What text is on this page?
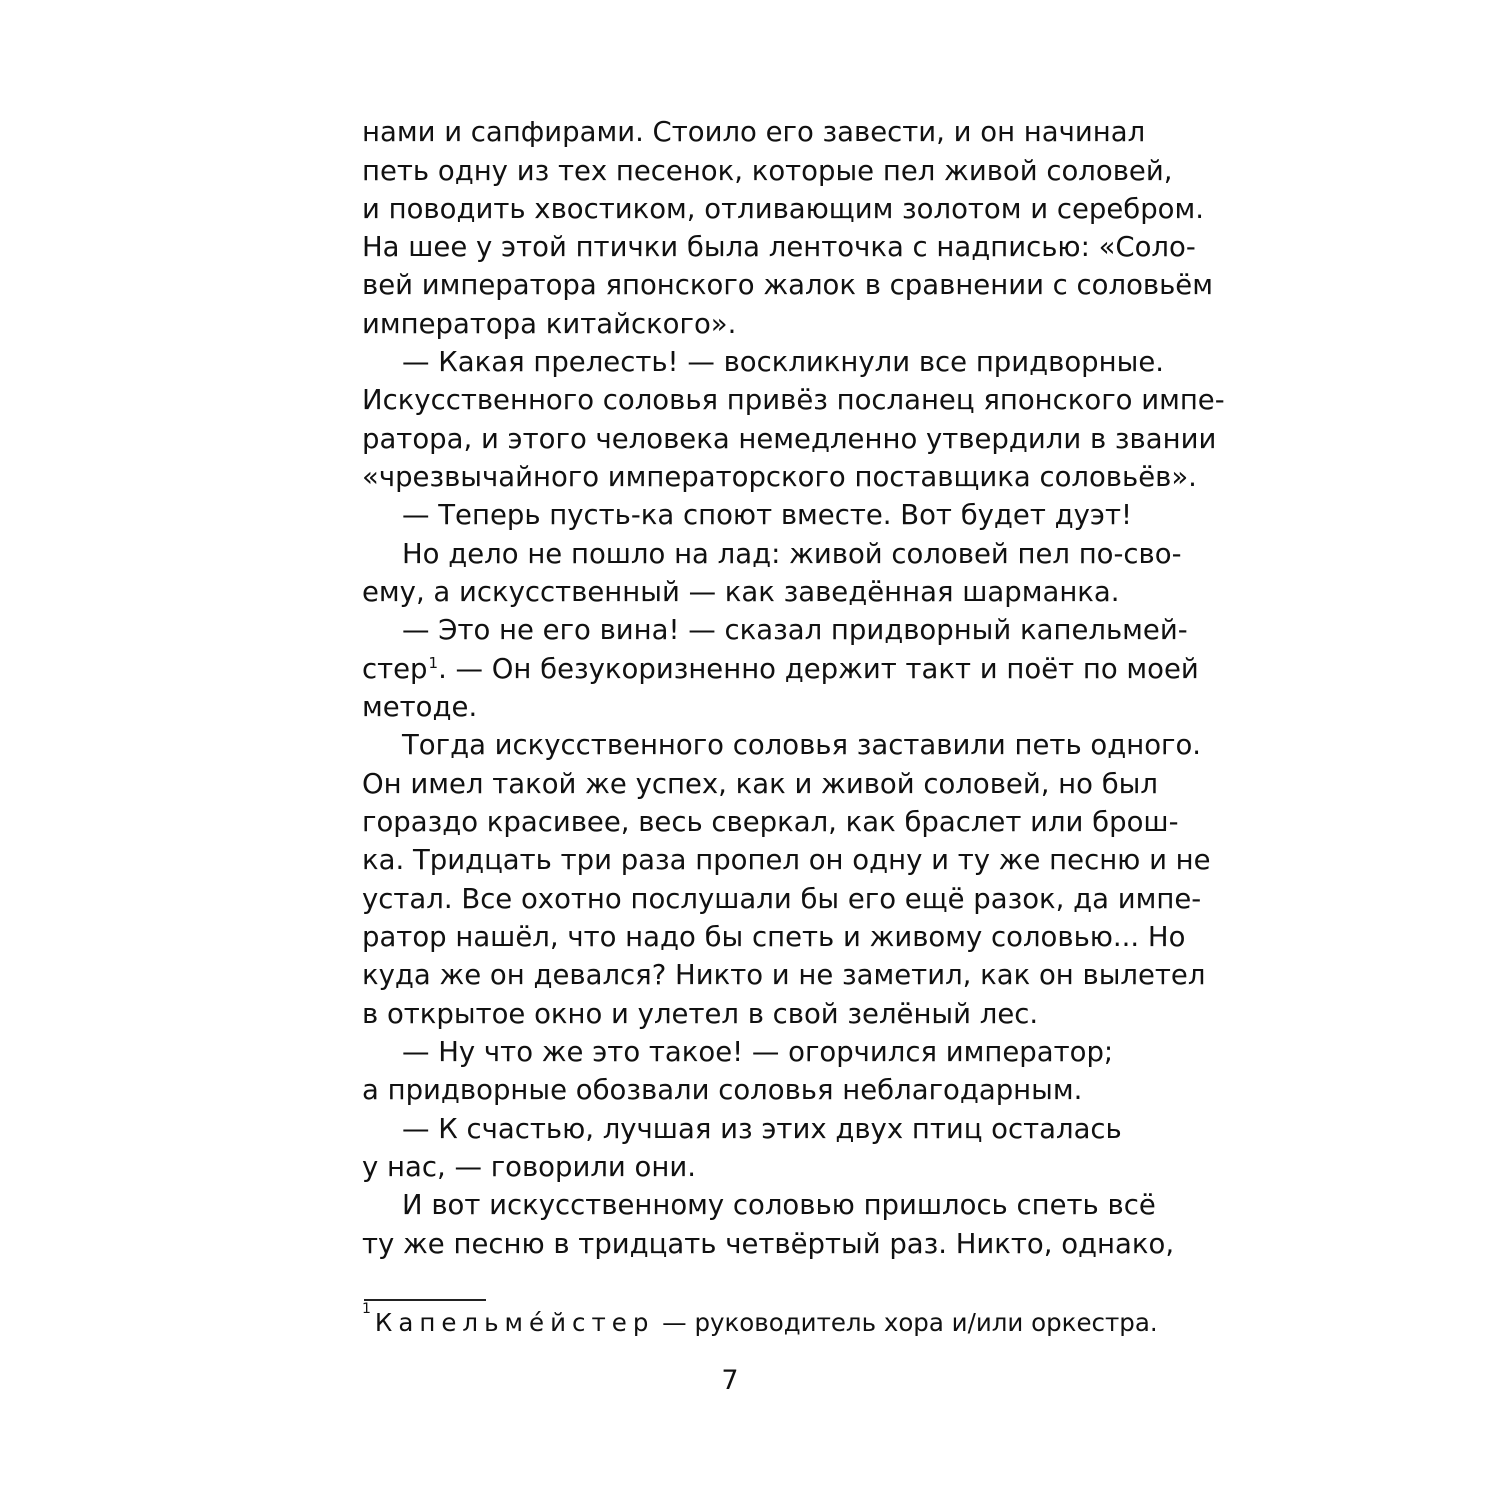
нами и сапфирами. Стоило его завести, и он начинал

петь одну из тех песенок, которые пел живой соловей,

и поводить хвостиком, отливающим золотом и серебром.

На шее у этой птички была ленточка с надписью: «Соло-

вей императора японского жалок в сравнении с соловьём

императора китайского».

— Какая прелесть! — воскликнули все придворные.

Искусственного соловья привёз посланец японского импе-

ратора, и этого человека немедленно утвердили в звании

«чрезвычайного императорского поставщика соловьёв».

— Теперь пусть-ка споют вместе. Вот будет дуэт!

Но дело не пошло на лад: живой соловей пел по-сво-

ему, а искусственный — как заведённая шарманка.

— Это не его вина! — сказал придворный капельмей-

стер$^1$. — Он безукоризненно держит такт и поёт по моей

методе.

Тогда искусственного соловья заставили петь одного.

Он имел такой же успех, как и живой соловей, но был

гораздо красивее, весь сверкал, как браслет или брош-

ка. Тридцать три раза пропел он одну и ту же песню и не

устал. Все охотно послушали бы его ещё разок, да импе-

ратор нашёл, что надо бы спеть и живому соловью... Но

куда же он девался? Никто и не заметил, как он вылетел

в открытое окно и улетел в свой зелёный лес.

— Ну что же это такое! — огорчился император;

а придворные обозвали соловья неблагодарным.

— К счастью, лучшая из этих двух птиц осталась

у нас, — говорили они.

И вот искусственному соловью пришлось спеть всё

ту же песню в тридцать четвёртый раз. Никто, однако,

$^1$ Капельме́йстер — руководитель хора и/или оркестра.
7
